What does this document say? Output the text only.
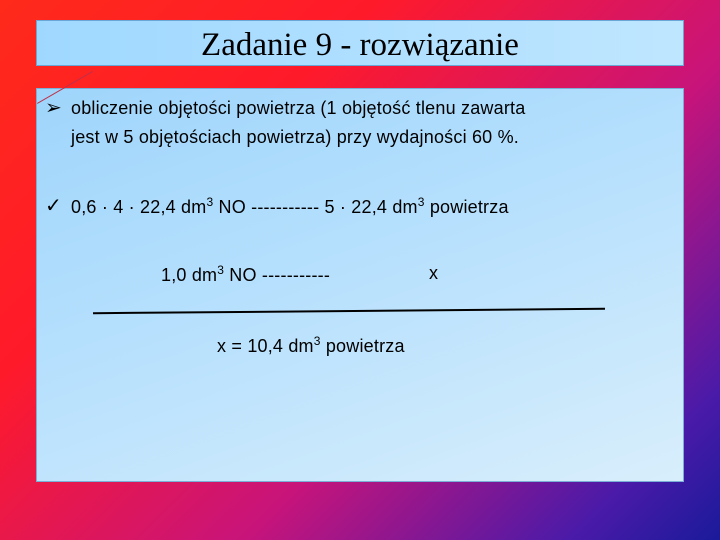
Zadanie 9 - rozwiązanie
➢ obliczenie objętości powietrza (1 objętość tlenu zawarta
jest w 5 objętościach powietrza) przy wydajności 60 %.
✓ 0,6 · 4 · 22,4 $dm^3$ NO ----------- 5 · 22,4 $dm^3$ powietrza
1,0 $dm^3$ NO -----------	x
x = 10,4 $dm^3$ powietrza
